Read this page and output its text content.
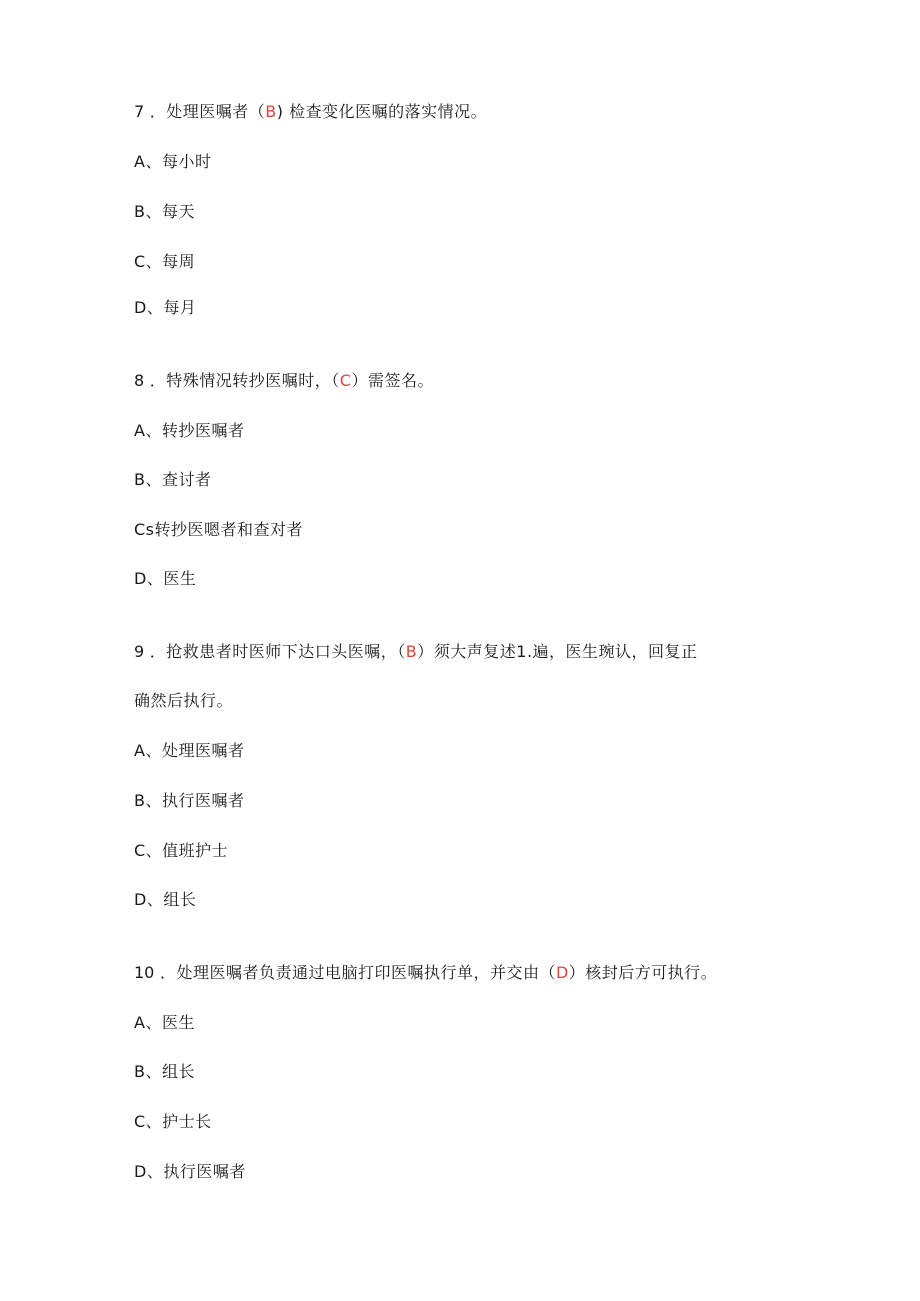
7 ．处理医嘱者（B) 检查变化医嘱的落实情况。
A、每小时
B、每天
C、每周
D、每月
8 ．特殊情况转抄医嘱时，（C）需签名。
A、转抄医嘱者
B、查讨者
Cs转抄医嗯者和查对者
D、医生
9 ．抢救患者时医师下达口头医嘱，（B）须大声复述1.遍，医生琬认，回复正
确然后执行。
A、处理医嘱者
B、执行医嘱者
C、值班护士
D、组长
10 ．处理医嘱者负责通过电脑打印医嘱执行单，并交由（D）核封后方可执行。
A、医生
B、组长
C、护士长
D、执行医嘱者
